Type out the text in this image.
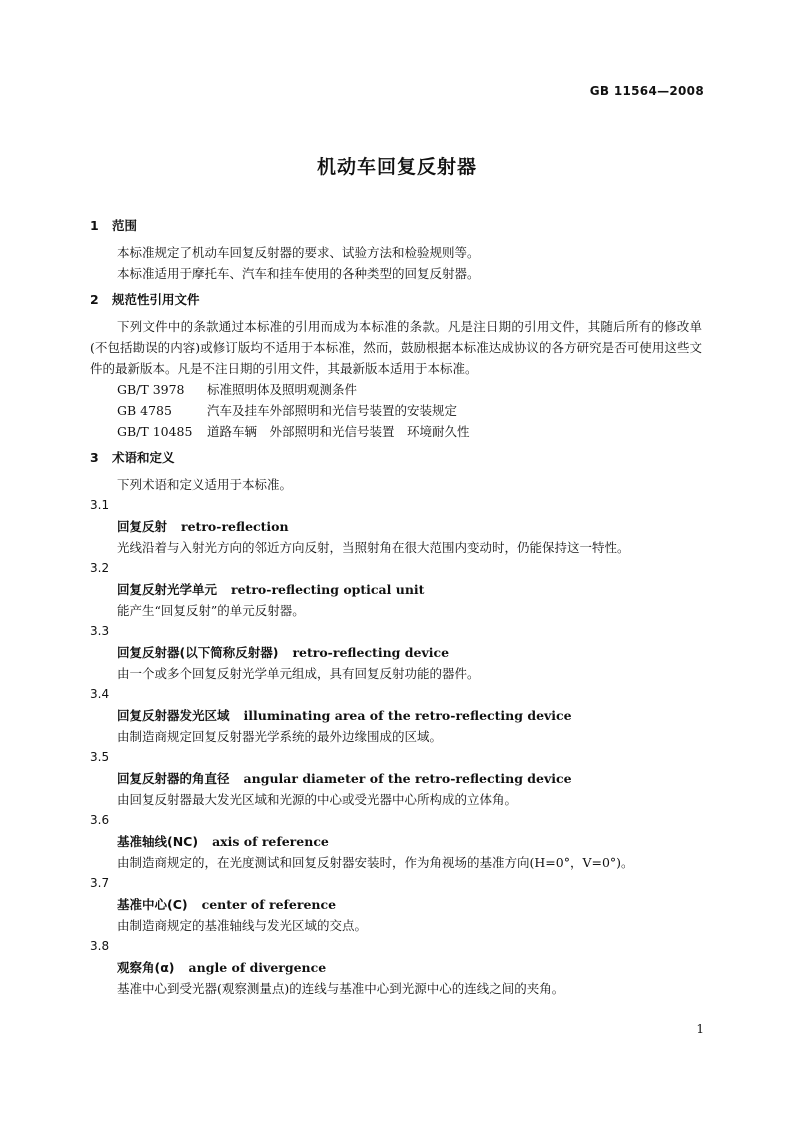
GB 11564—2008
机动车回复反射器
1 范围
本标准规定了机动车回复反射器的要求、试验方法和检验规则等。
本标准适用于摩托车、汽车和挂车使用的各种类型的回复反射器。
2 规范性引用文件
下列文件中的条款通过本标准的引用而成为本标准的条款。凡是注日期的引用文件，其随后所有的修改单(不包括勘误的内容)或修订版均不适用于本标准，然而，鼓励根据本标准达成协议的各方研究是否可使用这些文件的最新版本。凡是不注日期的引用文件，其最新版本适用于本标准。
GB/T 3978 标准照明体及照明观测条件
GB 4785	汽车及挂车外部照明和光信号装置的安装规定
GB/T 10485 道路车辆　外部照明和光信号装置　环境耐久性
3 术语和定义
下列术语和定义适用于本标准。
3.1
回复反射 retro-reflection
光线沿着与入射光方向的邻近方向反射，当照射角在很大范围内变动时，仍能保持这一特性。
3.2
回复反射光学单元 retro-reflecting optical unit
能产生“回复反射”的单元反射器。
3.3
回复反射器(以下简称反射器) retro-reflecting device
由一个或多个回复反射光学单元组成，具有回复反射功能的器件。
3.4
回复反射器发光区域 illuminating area of the retro-reflecting device
由制造商规定回复反射器光学系统的最外边缘围成的区域。
3.5
回复反射器的角直径 angular diameter of the retro-reflecting device
由回复反射器最大发光区域和光源的中心或受光器中心所构成的立体角。
3.6
基准轴线(NC) axis of reference
由制造商规定的，在光度测试和回复反射器安装时，作为角视场的基准方向(H=0°，V=0°)。
3.7
基准中心(C) center of reference
由制造商规定的基准轴线与发光区域的交点。
3.8
观察角(α) angle of divergence
基准中心到受光器(观察测量点)的连线与基准中心到光源中心的连线之间的夹角。
1
